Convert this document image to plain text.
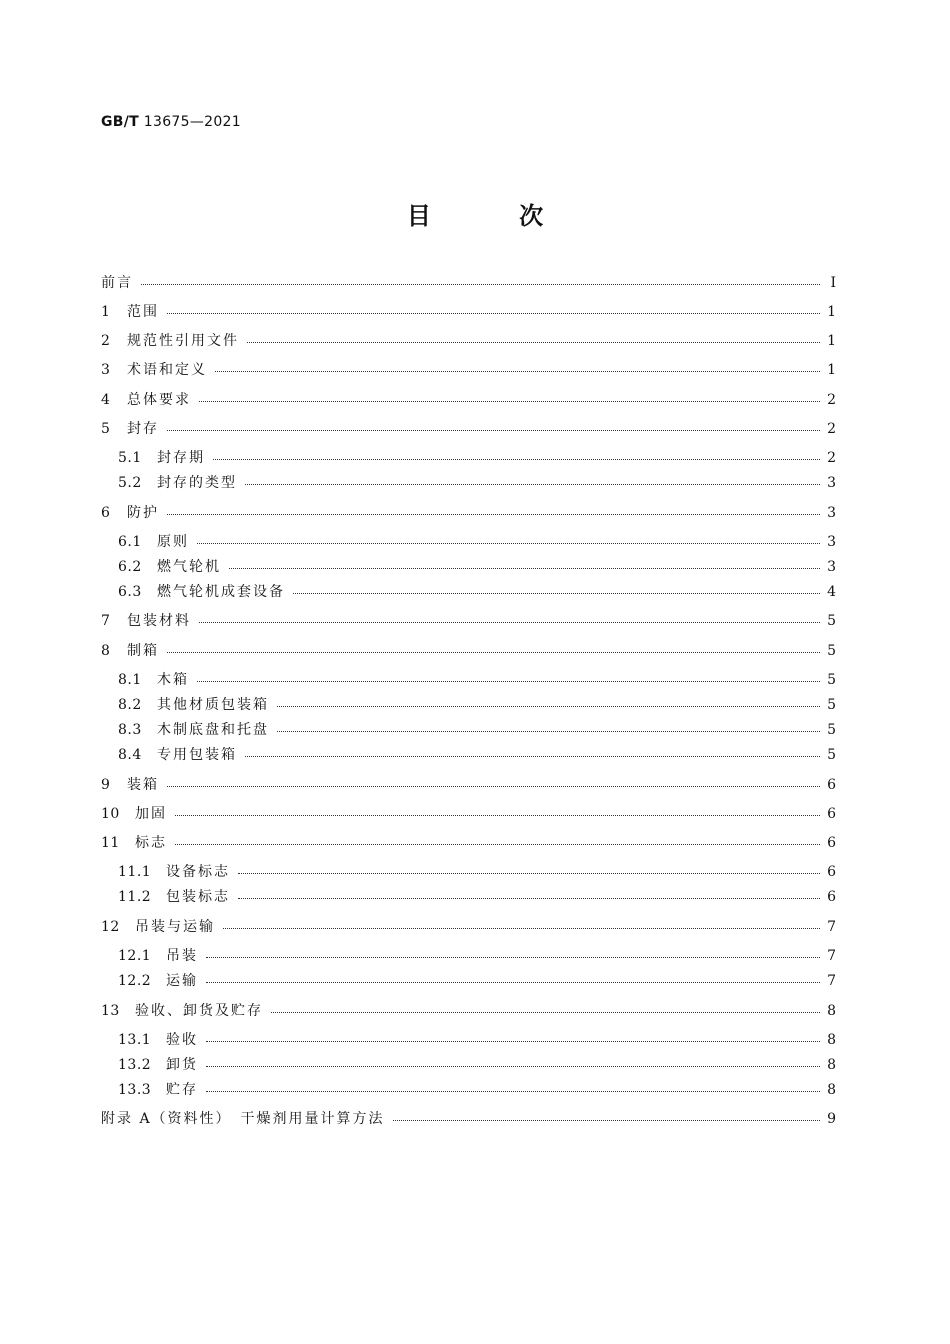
GB/T 13675—2021
目 次
前言	Ⅰ
1	范围	1
2	规范性引用文件	1
3	术语和定义	1
4	总体要求	2
5	封存	2
5.1	封存期	2
5.2	封存的类型	3
6	防护	3
6.1	原则	3
6.2	燃气轮机	3
6.3	燃气轮机成套设备	4
7	包装材料	5
8	制箱	5
8.1	木箱	5
8.2	其他材质包装箱	5
8.3	木制底盘和托盘	5
8.4	专用包装箱	5
9	装箱	6
10	加固	6
11	标志	6
11.1	设备标志	6
11.2	包装标志	6
12	吊装与运输	7
12.1	吊装	7
12.2	运输	7
13	验收、卸货及贮存	8
13.1	验收	8
13.2	卸货	8
13.3	贮存	8
附录 A（资料性）　干燥剂用量计算方法	9
